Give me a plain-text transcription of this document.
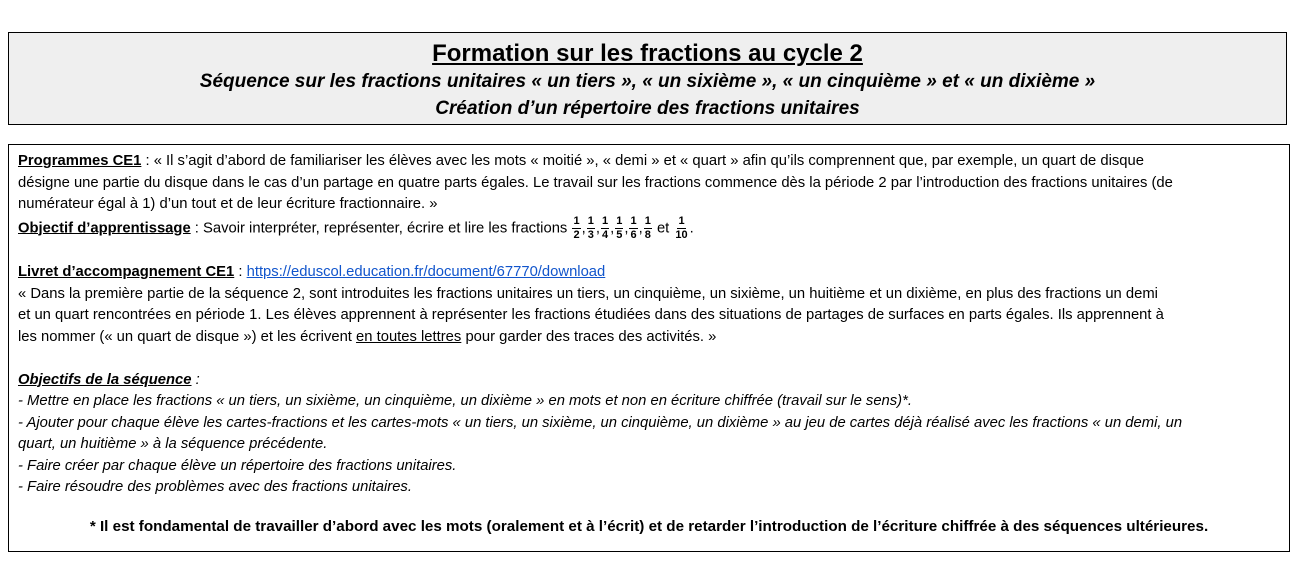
Formation sur les fractions au cycle 2
Séquence sur les fractions unitaires « un tiers », « un sixième », « un cinquième » et « un dixième »
Création d’un répertoire des fractions unitaires
Programmes CE1 : « Il s’agit d’abord de familiariser les élèves avec les mots « moitié », « demi » et « quart » afin qu’ils comprennent que, par exemple, un quart de disque
désigne une partie du disque dans le cas d’un partage en quatre parts égales. Le travail sur les fractions commence dès la période 2 par l’introduction des fractions unitaires (de
numérateur égal à 1) d’un tout et de leur écriture fractionnaire. »
Objectif d’apprentissage : Savoir interpréter, représenter, écrire et lire les fractions $\frac{1}{2}$ , $\frac{1}{3}$ , $\frac{1}{4}$ , $\frac{1}{5}$ , $\frac{1}{6}$ , $\frac{1}{8}$ et $\frac{1}{10}$ .
Livret d’accompagnement CE1 : https://eduscol.education.fr/document/67770/download
« Dans la première partie de la séquence 2, sont introduites les fractions unitaires un tiers, un cinquième, un sixième, un huitième et un dixième, en plus des fractions un demi
et un quart rencontrées en période 1. Les élèves apprennent à représenter les fractions étudiées dans des situations de partages de surfaces en parts égales. Ils apprennent à
les nommer (« un quart de disque ») et les écrivent en toutes lettres pour garder des traces des activités. »
Objectifs de la séquence :
- Mettre en place les fractions « un tiers, un sixième, un cinquième, un dixième » en mots et non en écriture chiffrée (travail sur le sens)*.
- Ajouter pour chaque élève les cartes-fractions et les cartes-mots « un tiers, un sixième, un cinquième, un dixième » au jeu de cartes déjà réalisé avec les fractions « un demi, un
quart, un huitième » à la séquence précédente.
- Faire créer par chaque élève un répertoire des fractions unitaires.
- Faire résoudre des problèmes avec des fractions unitaires.
* Il est fondamental de travailler d’abord avec les mots (oralement et à l’écrit) et de retarder l’introduction de l’écriture chiffrée à des séquences ultérieures.
